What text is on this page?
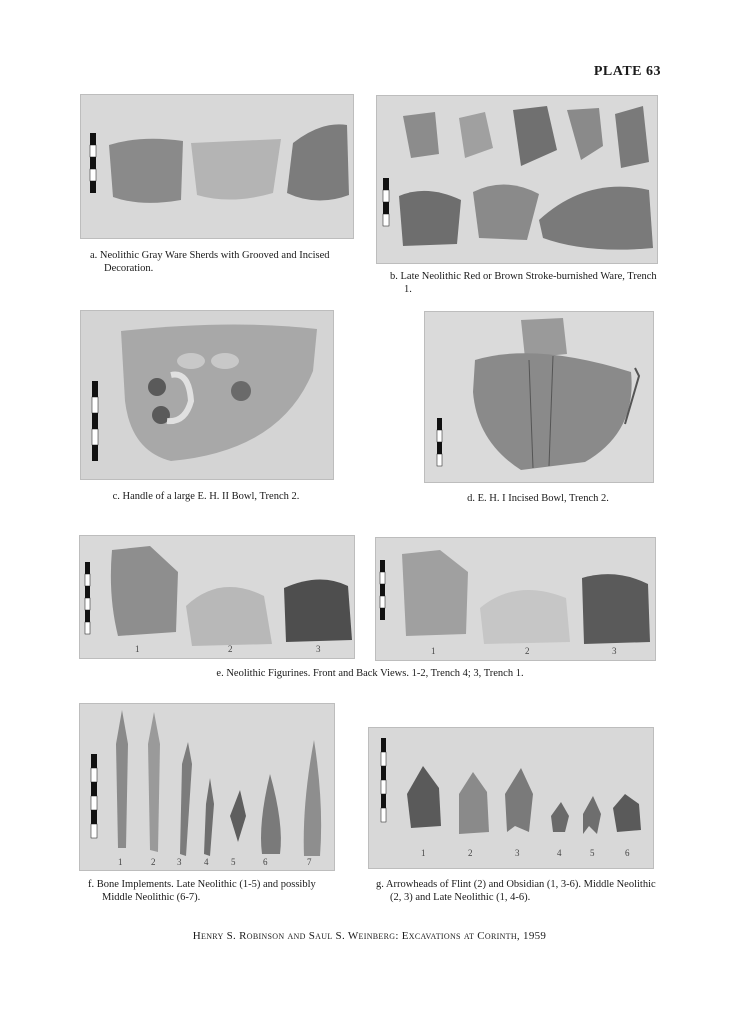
PLATE 63
a. Neolithic Gray Ware Sherds with Grooved and Incised Decoration.
b. Late Neolithic Red or Brown Stroke-burnished Ware, Trench 1.
c. Handle of a large E. H. II Bowl, Trench 2.	d. E. H. I Incised Bowl, Trench 2.
1	2	3	1	2	3
e. Neolithic Figurines. Front and Back Views. 1-2, Trench 4; 3, Trench 1.
1	2 3	4	5	6	7
f. Bone Implements. Late Neolithic (1-5) and possibly Middle Neolithic (6-7).
1	2	3	4	5	6
g. Arrowheads of Flint (2) and Obsidian (1, 3-6). Middle Neolithic (2, 3) and Late Neolithic (1, 4-6).
Henry S. Robinson and Saul S. Weinberg: Excavations at Corinth, 1959
